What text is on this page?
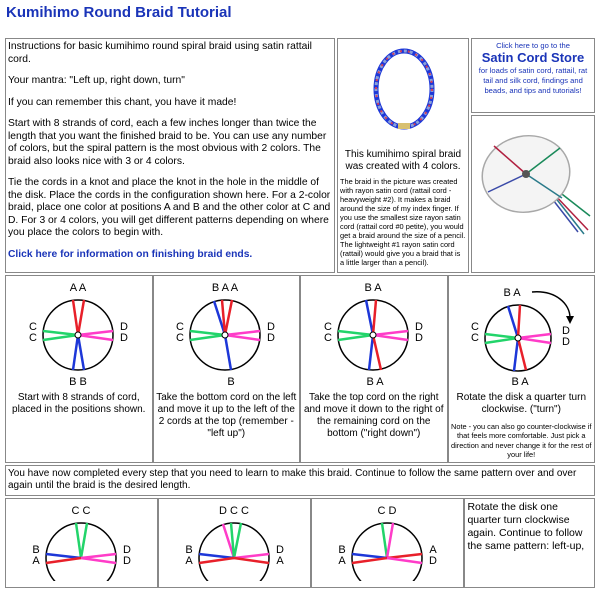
Kumihimo Round Braid Tutorial

Instructions for basic kumihimo round spiral braid using satin rattail cord.

Your mantra: "Left up, right down, turn"

If you can remember this chant, you have it made!

Start with 8 strands of cord, each a few inches longer than twice the length that you want the finished braid to be. You can use any number of colors, but the spiral pattern is the most obvious with 2 colors. The braid also looks nice with 3 or 4 colors.

Tie the cords in a knot and place the knot in the hole in the middle of the disk. Place the cords in the configuration shown here. For a 2-color braid, place one color at positions A and B and the other color at C and D. For 3 or 4 colors, you will get different patterns depending on where you place the colors to begin with.

Click here for information on finishing braid ends.

This kumihimo spiral braid was created with 4 colors.
The braid in the picture was created with rayon satin cord (rattail cord - heavyweight #2). It makes a braid around the size of my index finger. If you use the smallest size rayon satin cord (rattail cord #0 petite), you would get a braid around the size of a pencil. The lightweight #1 rayon satin cord (rattail) would give you a braid that is a little larger than a pencil).

Click here to go to the
Satin Cord Store
for loads of satin cord, rattail, rat tail and silk cord, findings and beads, and tips and tutorials!

A A
B B
C
C
D
D
Start with 8 strands of cord, placed in the positions shown.

B A A
B
C
C
D
D
Take the bottom cord on the left and move it up to the left of the 2 cords at the top (remember - "left up")

B A
B A
C
C
D
D
Take the top cord on the right and move it down to the right of the remaining cord on the bottom ("right down")

B A
B A
C
C
D
D
Rotate the disk a quarter turn clockwise. ("turn")
Note - you can also go counter-clockwise if that feels more comfortable. Just pick a direction and never change it for the rest of your life!

You have now completed every step that you need to learn to make this braid. Continue to follow the same pattern over and over again until the braid is the desired length.

C C
B
A
D
D

D C C
B
A
D
A

C D
B
A
A
D
	Rotate the disk one quarter turn clockwise again. Continue to follow the same pattern: left-up,
